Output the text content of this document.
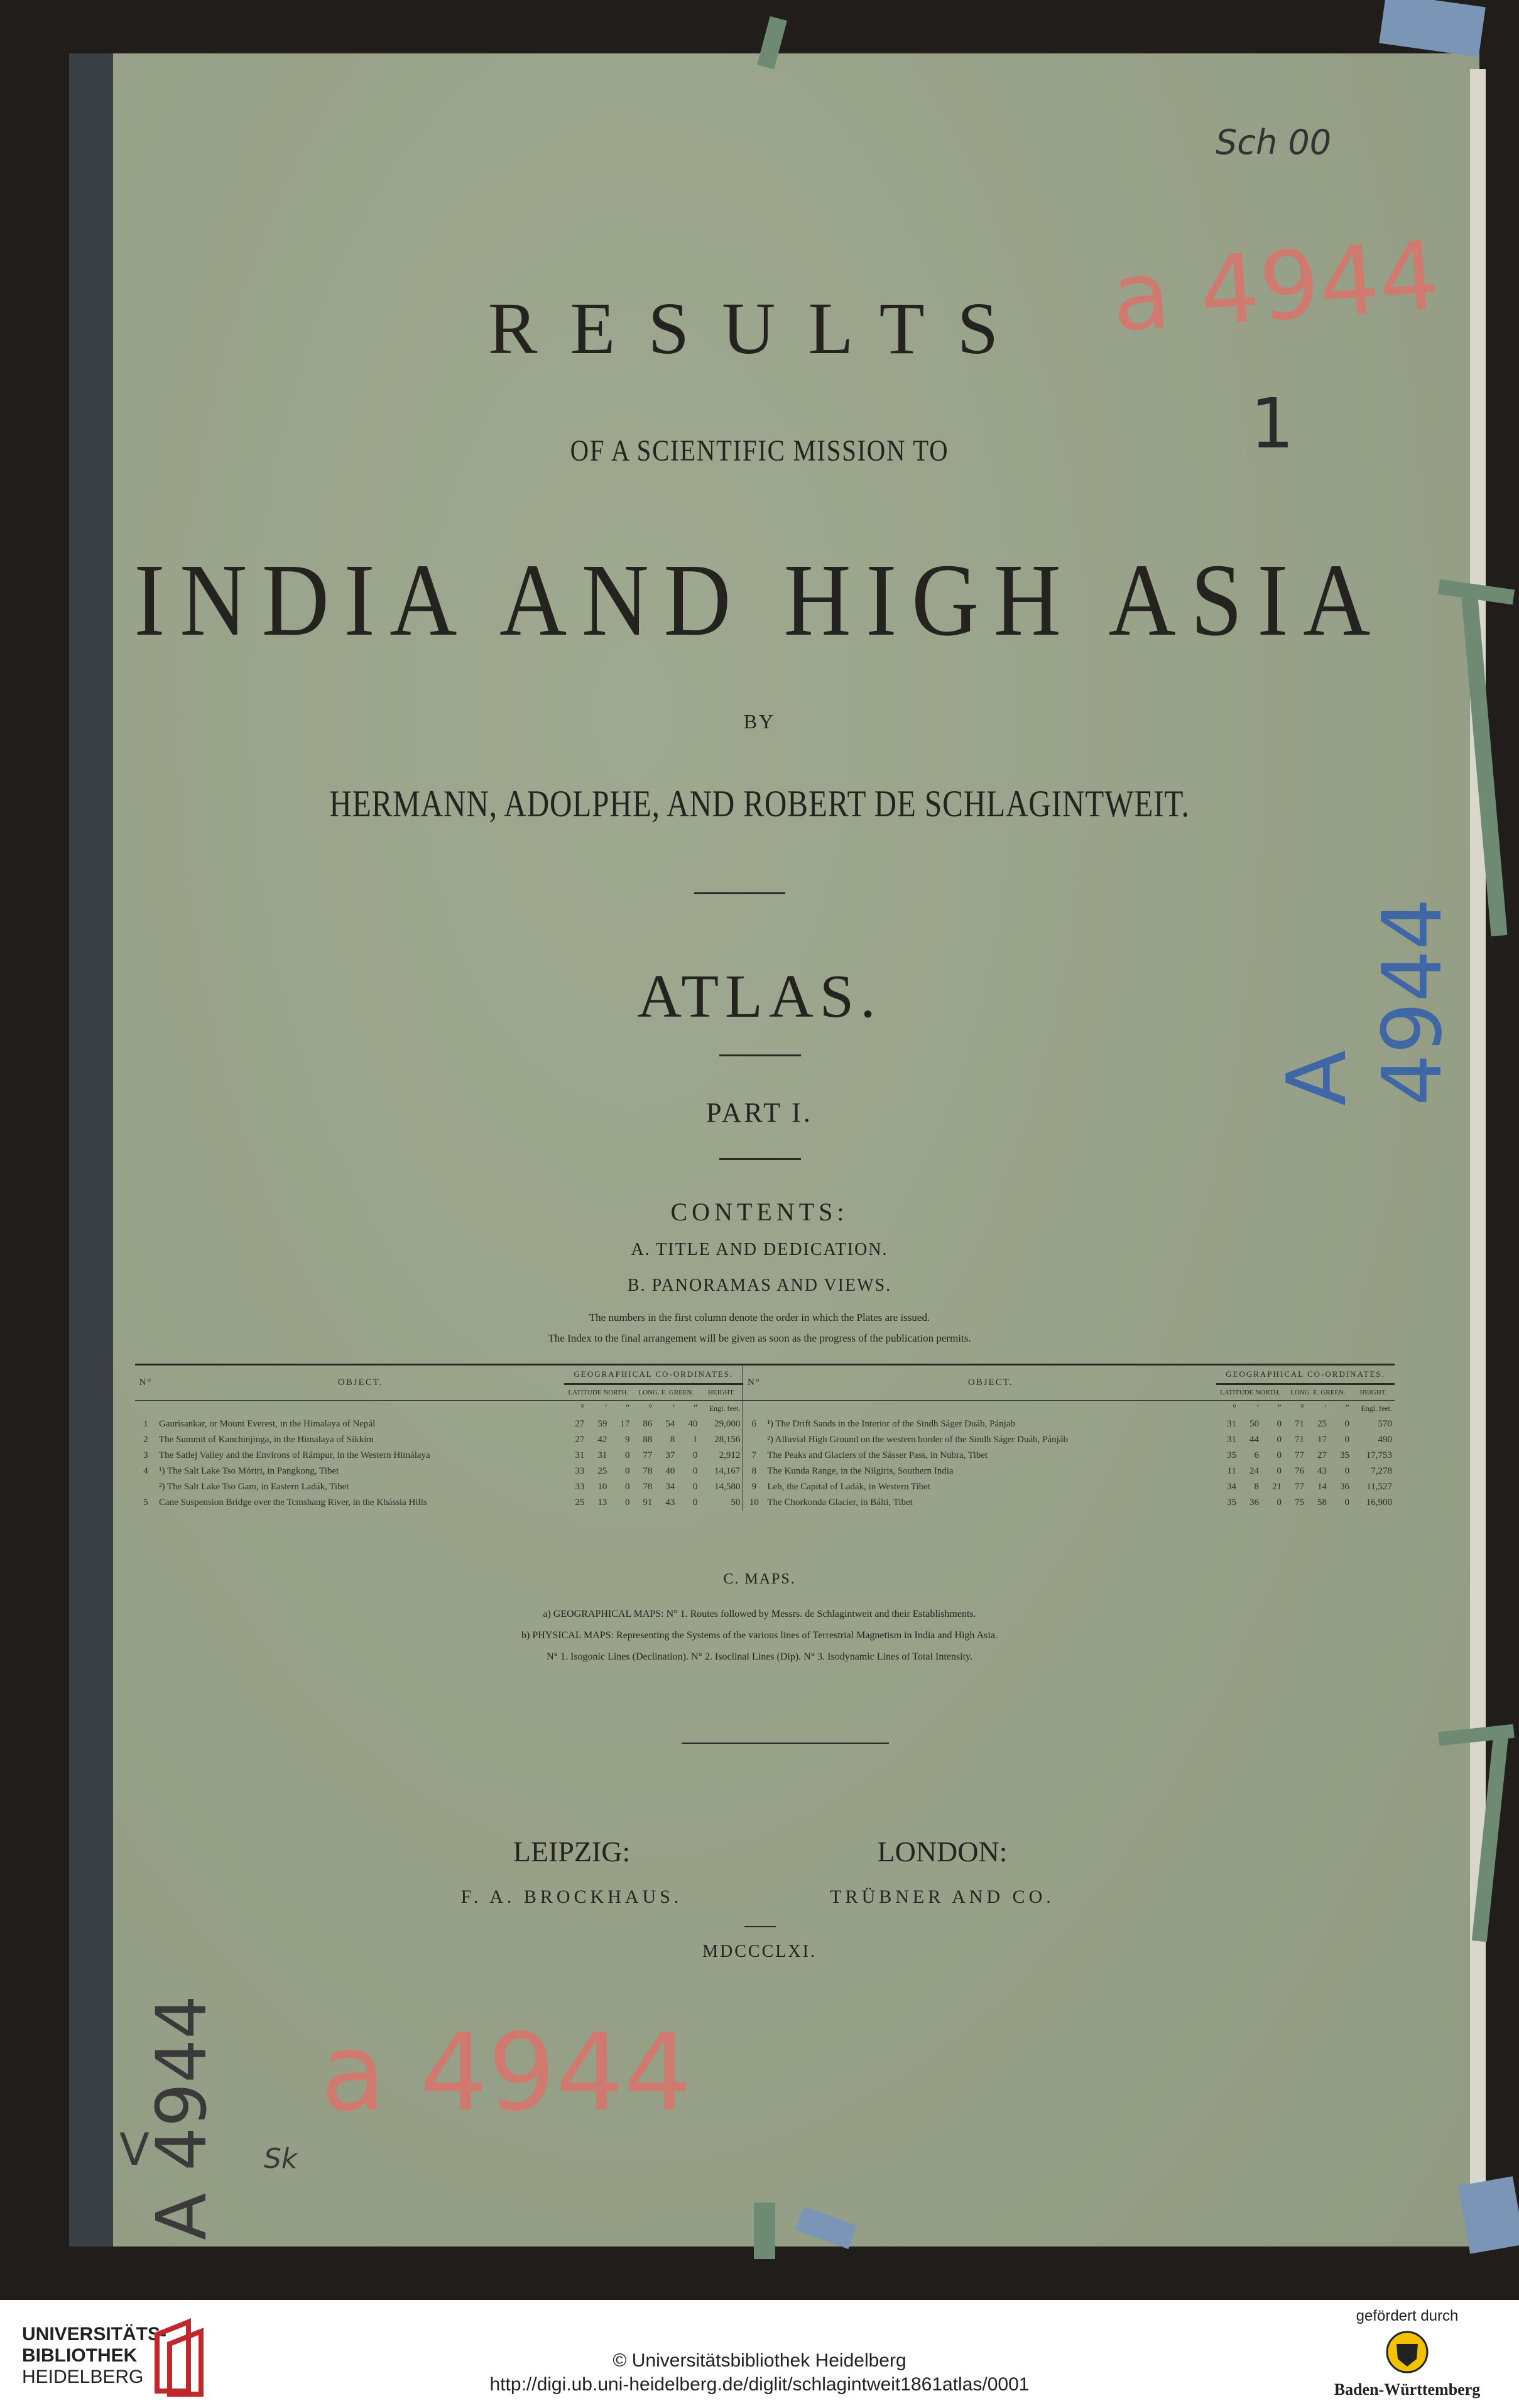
RESULTS
OF A SCIENTIFIC MISSION TO
INDIA AND HIGH ASIA
BY
HERMANN, ADOLPHE, AND ROBERT DE SCHLAGINTWEIT.
ATLAS.
PART I.
CONTENTS:
A. TITLE AND DEDICATION.
B. PANORAMAS AND VIEWS.
The numbers in the first column denote the order in which the Plates are issued.
The Index to the final arrangement will be given as soon as the progress of the publication permits.
N°	OBJECT.	GEOGRAPHICAL CO-ORDINATES.							N°	OBJECT.	GEOGRAPHICAL CO-ORDINATES.						
		LATITUDE NORTH.			LONG. E. GREEN.			HEIGHT.			LATITUDE NORTH.			LONG. E. GREEN.			HEIGHT.
		°	′	″	°	′	″	Engl. feet.			°	′	″	°	′	″	Engl. feet.
1	Gaurisankar, or Mount Everest, in the Himalaya of Nepál	27	59	17	86	54	40	29,000	6	¹) The Drift Sands in the Interior of the Sindh Ságer Duáb, Pánjab	31	50	0	71	25	0	570
2	The Summit of Kanchinjinga, in the Himalaya of Sikkim	27	42	9	88	8	1	28,156		²) Alluvial High Ground on the western border of the Sindh Ságer Duáb, Pánjáb	31	44	0	71	17	0	490
3	The Satlej Valley and the Environs of Rámpur, in the Western Himálaya	31	31	0	77	37	0	2,912	7	The Peaks and Glaciers of the Sásser Pass, in Nubra, Tibet	35	6	0	77	27	35	17,753
4	¹) The Salt Lake Tso Móriri, in Pangkong, Tibet	33	25	0	78	40	0	14,167	8	The Kunda Range, in the Nilgiris, Southern India	11	24	0	76	43	0	7,278
	²) The Salt Lake Tso Gam, in Eastern Ladák, Tibet	33	10	0	78	34	0	14,580	9	Leh, the Capital of Ladák, in Western Tibet	34	8	21	77	14	36	11,527
5	Cane Suspension Bridge over the Tcmshang River, in the Khássia Hills	25	13	0	91	43	0	50	10	The Chorkonda Glacier, in Bálti, Tibet	35	36	0	75	58	0	16,900
C. MAPS.
a) GEOGRAPHICAL MAPS: N° 1. Routes followed by Messrs. de Schlagintweit and their Establishments.
b) PHYSICAL MAPS: Representing the Systems of the various lines of Terrestrial Magnetism in India and High Asia.
N° 1. Isogonic Lines (Declination). N° 2. Isoclinal Lines (Dip). N° 3. Isodynamic Lines of Total Intensity.
LEIPZIG:
F. A. BROCKHAUS.
LONDON:
TRÜBNER AND CO.
MDCCCLXI.
Sch 00
a 4944
1
A 4944
a 4944
A 4944
V	Sk
UNIVERSITÄTS-
BIBLIOTHEK
HEIDELBERG
© Universitätsbibliothek Heidelberg
http://digi.ub.uni-heidelberg.de/diglit/schlagintweit1861atlas/0001
gefördert durch
Baden-Württemberg
